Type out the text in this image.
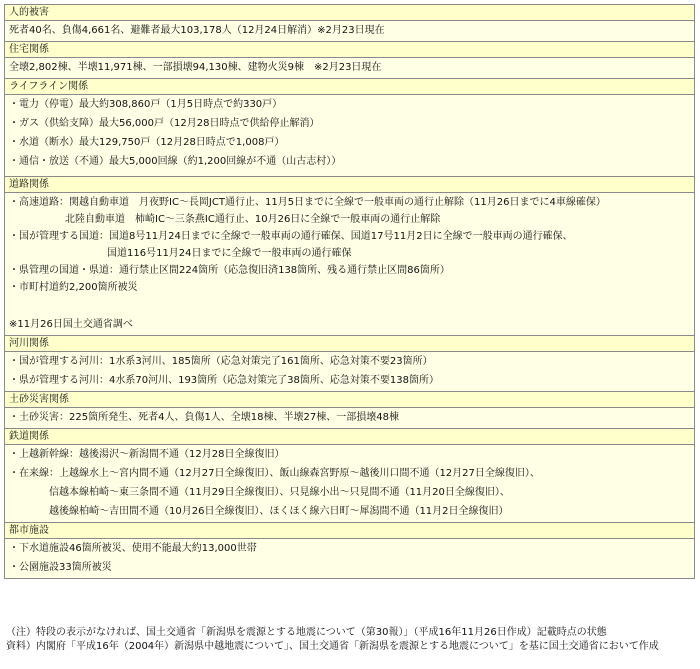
人的被害

死者40名、負傷4,661名、避難者最大103,178人（12月24日解消）※2月23日現在

住宅関係

全壊2,802棟、半壊11,971棟、一部損壊94,130棟、建物火災9棟　※2月23日現在

ライフライン関係

・電力（停電）最大約308,860戸（1月5日時点で約330戸）
・ガス（供給支障）最大56,000戸（12月28日時点で供給停止解消）
・水道（断水）最大129,750戸（12月28日時点で1,008戸）
・通信・放送（不通）最大5,000回線（約1,200回線が不通（山古志村））

道路関係

・高速道路：関越自動車道　月夜野IC～長岡JCT通行止、11月5日までに全線で一般車両の通行止解除（11月26日までに4車線確保）
北陸自動車道　柿崎IC～三条燕IC通行止、10月26日に全線で一般車両の通行止解除
・国が管理する国道：国道8号11月24日までに全線で一般車両の通行確保、国道17号11月2日に全線で一般車両の通行確保、
国道116号11月24日までに全線で一般車両の通行確保
・県管理の国道・県道：通行禁止区間224箇所（応急復旧済138箇所、残る通行禁止区間86箇所）
・市町村道約2,200箇所被災
※11月26日国土交通省調べ

河川関係

・国が管理する河川：1水系3河川、185箇所（応急対策完了161箇所、応急対策不要23箇所）
・県が管理する河川：4水系70河川、193箇所（応急対策完了38箇所、応急対策不要138箇所）

土砂災害関係

・土砂災害：225箇所発生、死者4人、負傷1人、全壊18棟、半壊27棟、一部損壊48棟

鉄道関係

・上越新幹線：越後湯沢～新潟間不通（12月28日全線復旧）
・在来線：上越線水上～宮内間不通（12月27日全線復旧）、飯山線森宮野原～越後川口間不通（12月27日全線復旧）、
信越本線柏崎～東三条間不通（11月29日全線復旧）、只見線小出～只見間不通（11月20日全線復旧）、
越後線柏崎～吉田間不通（10月26日全線復旧）、ほくほく線六日町～犀潟間不通（11月2日全線復旧）

都市施設

・下水道施設46箇所被災、使用不能最大約13,000世帯
・公園施設33箇所被災
（注）特段の表示がなければ、国土交通省「新潟県を震源とする地震について（第30報）」（平成16年11月26日作成）記載時点の状態
資料）内閣府「平成16年（2004年）新潟県中越地震について」、国土交通省「新潟県を震源とする地震について」を基に国土交通省において作成
